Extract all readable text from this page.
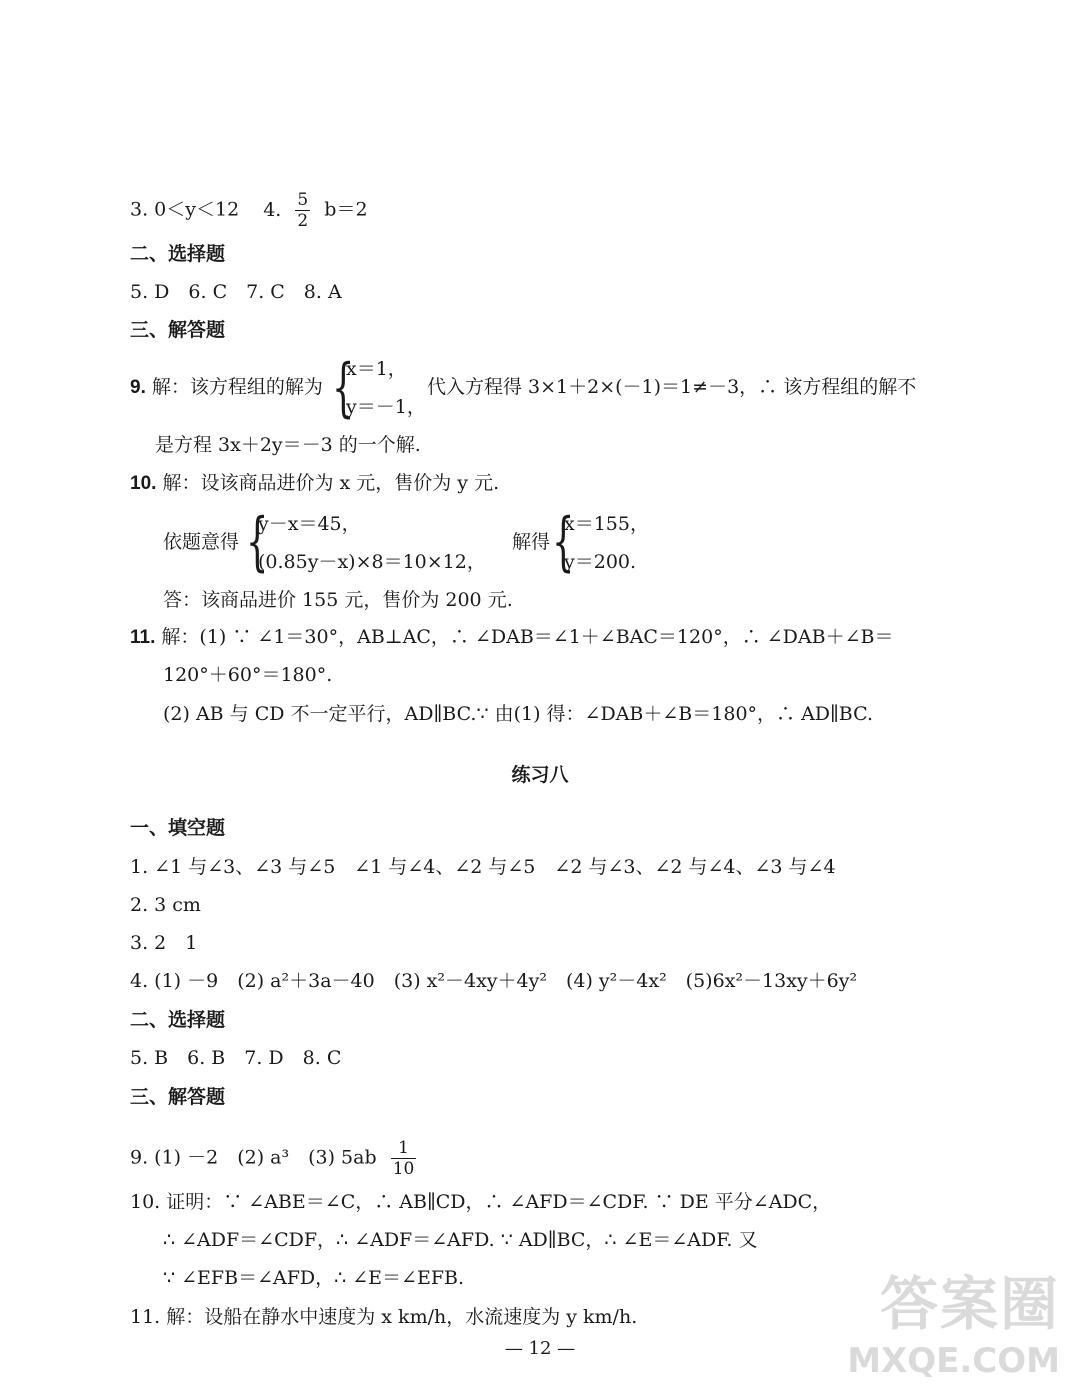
3. 0＜y＜12 4. $\frac{5}{2} b=2$
二、选择题
5. D　6. C　7. C　8. A
三、解答题
9. 解：该方程组的解为 {
x＝1，
y＝－1，
代入方程得 3×1＋2×(－1)＝1≠－3，∴ 该方程组的解不
是方程 3x＋2y＝－3 的一个解.
10. 解：设该商品进价为 x 元，售价为 y 元.
依题意得 {
y－x＝45，
(0.85y－x)×8＝10×12，
解得 {
x＝155，
y＝200.
答：该商品进价 155 元，售价为 200 元.
11. 解：(1) ∵ ∠1＝30°，AB⊥AC，∴ ∠DAB＝∠1＋∠BAC＝120°，∴ ∠DAB＋∠B＝
120°＋60°＝180°.
(2) AB 与 CD 不一定平行，AD∥BC.∵ 由(1) 得：∠DAB＋∠B＝180°，∴ AD∥BC.
练习八
一、填空题
1. ∠1 与∠3、∠3 与∠5　∠1 与∠4、∠2 与∠5　∠2 与∠3、∠2 与∠4、∠3 与∠4
2. 3 cm
3. 2　1
4. (1) －9　(2) a²＋3a－40　(3) x²－4xy＋4y²　(4) y²－4x²　(5)6x²－13xy＋6y²
二、选择题
5. B　6. B　7. D　8. C
三、解答题
9. (1) －2　(2) a³　(3) $5ab \frac{1}{10}$
10. 证明：∵ ∠ABE＝∠C，∴ AB∥CD，∴ ∠AFD＝∠CDF. ∵ DE 平分∠ADC，
∴ ∠ADF＝∠CDF，∴ ∠ADF＝∠AFD. ∵ AD∥BC，∴ ∠E＝∠ADF. 又
∵ ∠EFB＝∠AFD，∴ ∠E＝∠EFB.
11. 解：设船在静水中速度为 x km/h，水流速度为 y km/h.
— 12 —
答案圈
MXQE.COM
